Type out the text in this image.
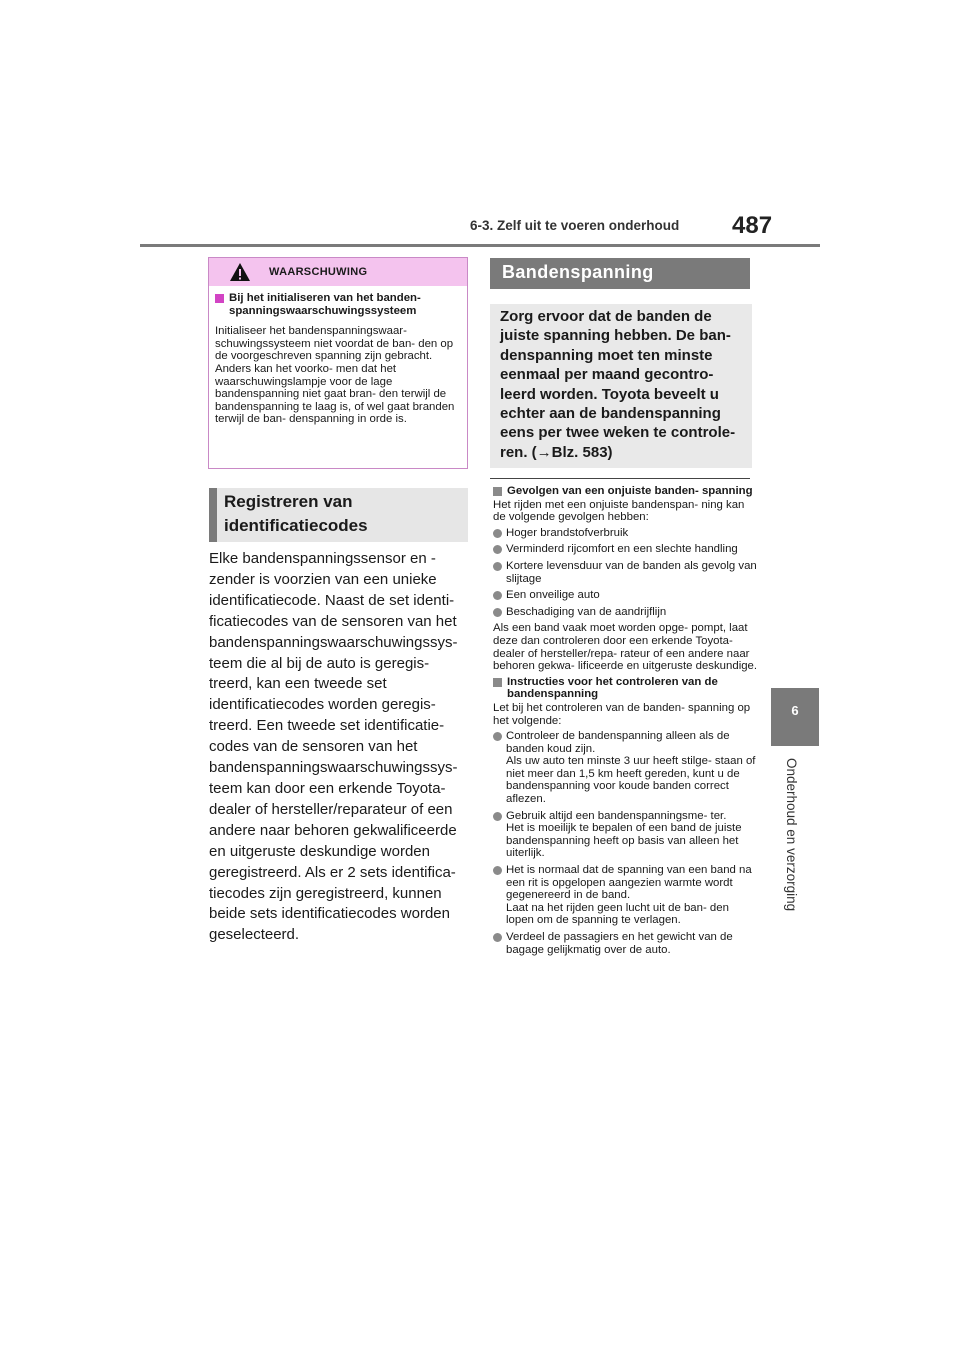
6-3. Zelf uit te voeren onderhoud 487
6
Onderhoud en verzorging
WAARSCHUWING
Bij het initialiseren van het banden- spanningswaarschuwingssysteem

Initialiseer het bandenspanningswaar- schuwingssysteem niet voordat de ban- den op de voorgeschreven spanning zijn gebracht. Anders kan het voorko- men dat het waarschuwingslampje voor de lage bandenspanning niet gaat bran- den terwijl de bandenspanning te laag is, of wel gaat branden terwijl de ban- denspanning in orde is.

Registreren van
identificatiecodes

Elke bandenspanningssensor en - zender is voorzien van een unieke identificatiecode. Naast de set identi- ficatiecodes van de sensoren van het bandenspanningswaarschuwingssys- teem die al bij de auto is geregis- treerd, kan een tweede set identificatiecodes worden geregis- treerd. Een tweede set identificatie- codes van de sensoren van het bandenspanningswaarschuwingssys- teem kan door een erkende Toyota- dealer of hersteller/reparateur of een andere naar behoren gekwalificeerde en uitgeruste deskundige worden geregistreerd. Als er 2 sets identifica- tiecodes zijn geregistreerd, kunnen beide sets identificatiecodes worden geselecteerd.

Bandenspanning

Zorg ervoor dat de banden de juiste spanning hebben. De ban- denspanning moet ten minste eenmaal per maand gecontro- leerd worden. Toyota beveelt u echter aan de bandenspanning eens per twee weken te controle- ren. (→Blz. 583)

Gevolgen van een onjuiste banden- spanning

Het rijden met een onjuiste bandenspan- ning kan de volgende gevolgen hebben:

Hoger brandstofverbruik
Verminderd rijcomfort en een slechte handling
Kortere levensduur van de banden als gevolg van slijtage
Een onveilige auto
Beschadiging van de aandrijflijn

Als een band vaak moet worden opge- pompt, laat deze dan controleren door een erkende Toyota-dealer of hersteller/repa- rateur of een andere naar behoren gekwa- lificeerde en uitgeruste deskundige.

Instructies voor het controleren van de bandenspanning

Let bij het controleren van de banden- spanning op het volgende:

Controleer de bandenspanning alleen als de banden koud zijn.
Als uw auto ten minste 3 uur heeft stilge- staan of niet meer dan 1,5 km heeft gereden, kunt u de bandenspanning voor koude banden correct aflezen.
Gebruik altijd een bandenspanningsme- ter.
Het is moeilijk te bepalen of een band de juiste bandenspanning heeft op basis van alleen het uiterlijk.
Het is normaal dat de spanning van een band na een rit is opgelopen aangezien warmte wordt gegenereerd in de band.
Laat na het rijden geen lucht uit de ban- den lopen om de spanning te verlagen.
Verdeel de passagiers en het gewicht van de bagage gelijkmatig over de auto.
